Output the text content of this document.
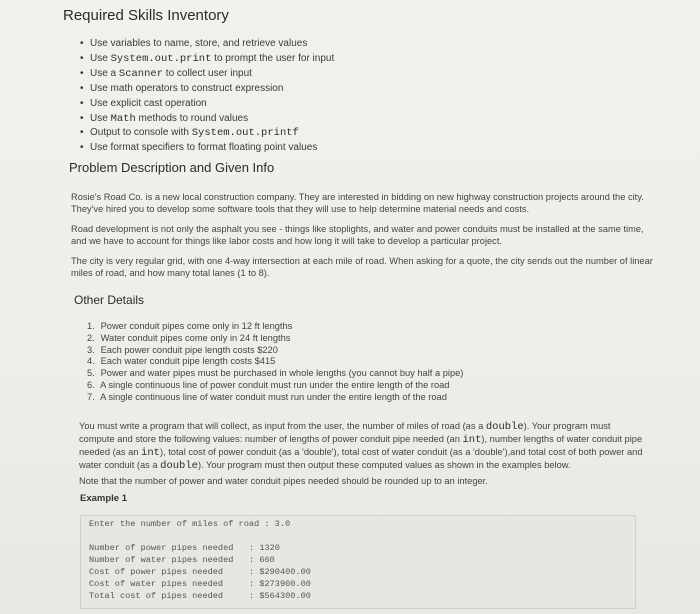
Required Skills Inventory
• Use variables to name, store, and retrieve values
• Use System.out.print to prompt the user for input
• Use a Scanner to collect user input
• Use math operators to construct expression
• Use explicit cast operation
• Use Math methods to round values
• Output to console with System.out.printf
• Use format specifiers to format floating point values
Problem Description and Given Info

Rosie's Road Co. is a new local construction company. They are interested in bidding on new highway construction projects around the city. They've hired you to develop some software tools that they will use to help determine material needs and costs.

Road development is not only the asphalt you see - things like stoplights, and water and power conduits must be installed at the same time, and we have to account for things like labor costs and how long it will take to develop a particular project.

The city is very regular grid, with one 4-way intersection at each mile of road. When asking for a quote, the city sends out the number of linear miles of road, and how many total lanes (1 to 8).

Other Details
1. Power conduit pipes come only in 12 ft lengths
2. Water conduit pipes come only in 24 ft lengths
3. Each power conduit pipe length costs $220
4. Each water conduit pipe length costs $415
5. Power and water pipes must be purchased in whole lengths (you cannot buy half a pipe)
6. A single continuous line of power conduit must run under the entire length of the road
7. A single continuous line of water conduit must run under the entire length of the road

You must write a program that will collect, as input from the user, the number of miles of road (as a double). Your program must compute and store the following values: number of lengths of power conduit pipe needed (an int), number lengths of water conduit pipe needed (as an int), total cost of power conduit (as a 'double'), total cost of water conduit (as a 'double'),and total cost of both power and water conduit (as a double). Your program must then output these computed values as shown in the examples below.

Note that the number of power and water conduit pipes needed should be rounded up to an integer.

Example 1
Enter the number of miles of road : 3.0
Number of power pipes needed : 1320
Number of water pipes needed : 660
Cost of power pipes needed	: $290400.00
Cost of water pipes needed	: $273900.00
Total cost of pipes needed	: $564300.00
